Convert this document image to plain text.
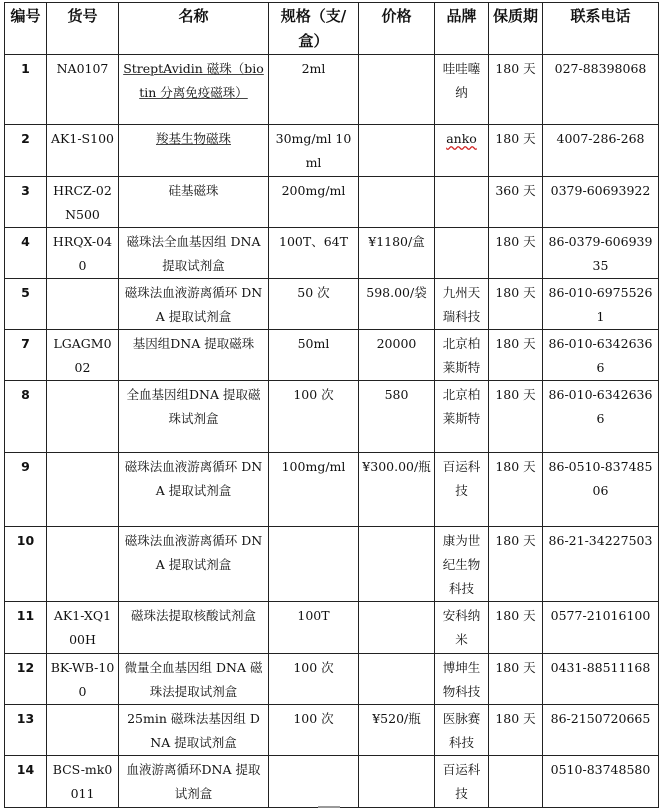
编号	货号	名称	规格（支/盒）	价格	品牌	保质期	联系电话
1	NA0107	StreptAvidin 磁珠（biotin 分离免疫磁珠）	2ml		哇哇噻纳	180 天	027-88398068
2	AK1-S100	羧基生物磁珠	30mg/ml 10ml		anko	180 天	4007-286-268
3	HRCZ-02N500	硅基磁珠	200mg/ml			360 天	0379-60693922
4	HRQX-040	磁珠法全血基因组 DNA 提取试剂盒	100T、64T	¥1180/盒		180 天	86-0379-60693935
5		磁珠法血液游离循环 DNA 提取试剂盒	50 次	598.00/袋	九州天瑞科技	180 天	86-010-69755261
7	LGAGM002	基因组DNA 提取磁珠	50ml	20000	北京柏莱斯特	180 天	86-010-63426366
8		全血基因组DNA 提取磁珠试剂盒	100 次	580	北京柏莱斯特	180 天	86-010-63426366
9		磁珠法血液游离循环 DNA 提取试剂盒	100mg/ml	¥300.00/瓶	百运科技	180 天	86-0510-83748506
10		磁珠法血液游离循环 DNA 提取试剂盒			康为世纪生物科技	180 天	86-21-34227503
11	AK1-XQ100H	磁珠法提取核酸试剂盒	100T		安科纳米	180 天	0577-21016100
12	BK-WB-100	微量全血基因组 DNA 磁珠法提取试剂盒	100 次		博坤生物科技	180 天	0431-88511168
13		25min 磁珠法基因组 DNA 提取试剂盒	100 次	¥520/瓶	医脉赛科技	180 天	86-2150720665
14	BCS-mk0011	血液游离循环DNA 提取试剂盒			百运科技		0510-83748580
